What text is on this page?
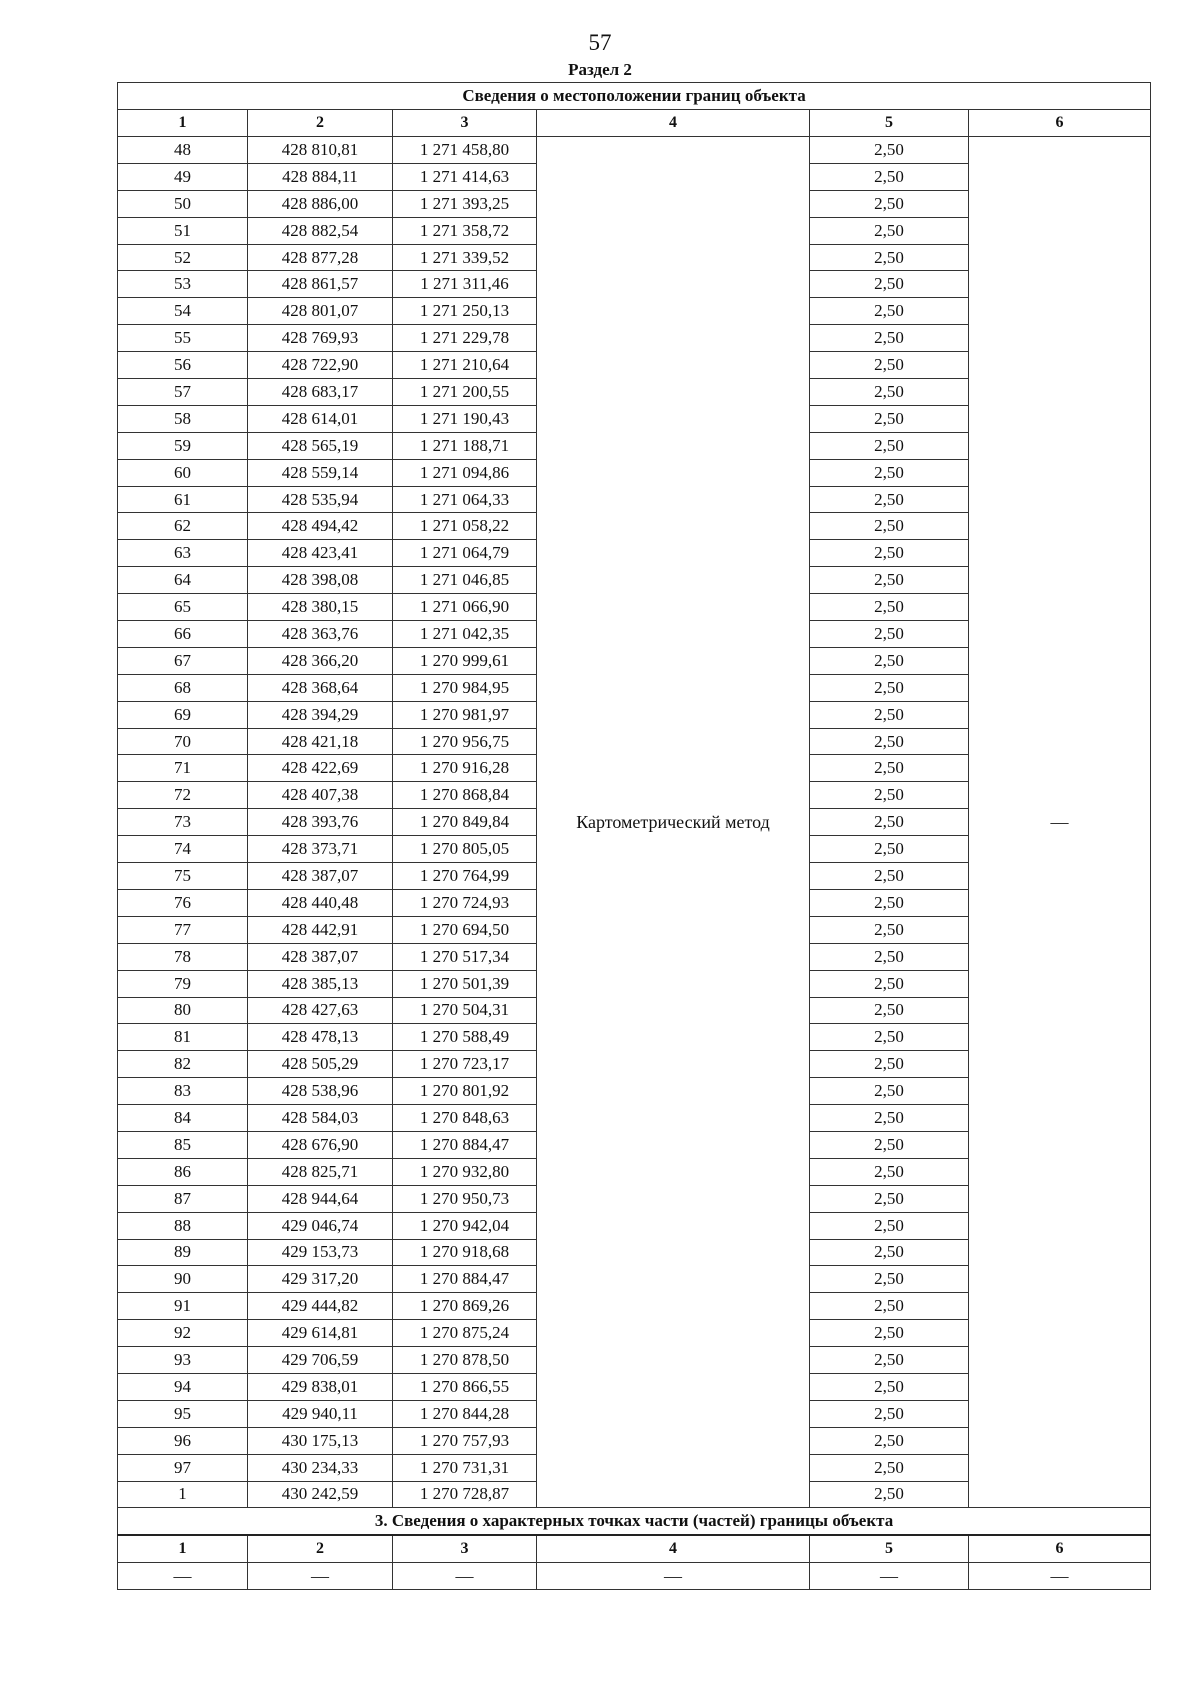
57
Раздел 2
Сведения о местоположении границ объекта					
1	2	3	4	5	6
48	428 810,81	1 271 458,80	Картометрический метод	2,50	—
49	428 884,11	1 271 414,63		2,50	
50	428 886,00	1 271 393,25		2,50	
51	428 882,54	1 271 358,72		2,50	
52	428 877,28	1 271 339,52		2,50	
53	428 861,57	1 271 311,46		2,50	
54	428 801,07	1 271 250,13		2,50	
55	428 769,93	1 271 229,78		2,50	
56	428 722,90	1 271 210,64		2,50	
57	428 683,17	1 271 200,55		2,50	
58	428 614,01	1 271 190,43		2,50	
59	428 565,19	1 271 188,71		2,50	
60	428 559,14	1 271 094,86		2,50	
61	428 535,94	1 271 064,33		2,50	
62	428 494,42	1 271 058,22		2,50	
63	428 423,41	1 271 064,79		2,50	
64	428 398,08	1 271 046,85		2,50	
65	428 380,15	1 271 066,90		2,50	
66	428 363,76	1 271 042,35		2,50	
67	428 366,20	1 270 999,61		2,50	
68	428 368,64	1 270 984,95		2,50	
69	428 394,29	1 270 981,97		2,50	
70	428 421,18	1 270 956,75		2,50	
71	428 422,69	1 270 916,28		2,50	
72	428 407,38	1 270 868,84		2,50	
73	428 393,76	1 270 849,84		2,50	
74	428 373,71	1 270 805,05		2,50	
75	428 387,07	1 270 764,99		2,50	
76	428 440,48	1 270 724,93		2,50	
77	428 442,91	1 270 694,50		2,50	
78	428 387,07	1 270 517,34		2,50	
79	428 385,13	1 270 501,39		2,50	
80	428 427,63	1 270 504,31		2,50	
81	428 478,13	1 270 588,49		2,50	
82	428 505,29	1 270 723,17		2,50	
83	428 538,96	1 270 801,92		2,50	
84	428 584,03	1 270 848,63		2,50	
85	428 676,90	1 270 884,47		2,50	
86	428 825,71	1 270 932,80		2,50	
87	428 944,64	1 270 950,73		2,50	
88	429 046,74	1 270 942,04		2,50	
89	429 153,73	1 270 918,68		2,50	
90	429 317,20	1 270 884,47		2,50	
91	429 444,82	1 270 869,26		2,50	
92	429 614,81	1 270 875,24		2,50	
93	429 706,59	1 270 878,50		2,50	
94	429 838,01	1 270 866,55		2,50	
95	429 940,11	1 270 844,28		2,50	
96	430 175,13	1 270 757,93		2,50	
97	430 234,33	1 270 731,31		2,50	
1	430 242,59	1 270 728,87		2,50	
3. Сведения о характерных точках части (частей) границы объекта					
1	2	3	4	5	6
—	—	—	—	—	—
